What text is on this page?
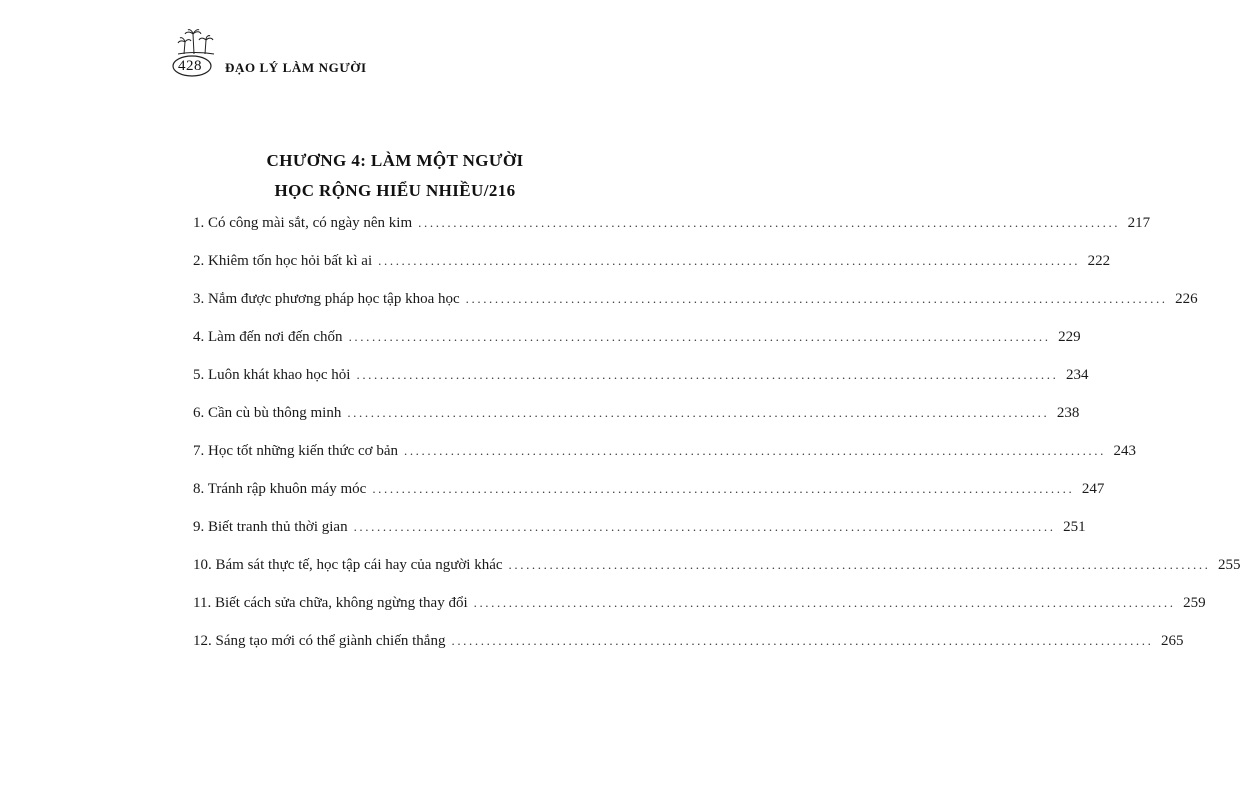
428 ĐẠO LÝ LÀM NGƯỜI
CHƯƠNG 4: LÀM MỘT NGƯỜI
HỌC RỘNG HIỂU NHIỀU/216
1. Có công mài sắt, có ngày nên kim ........................................................................................................................ 217
2. Khiêm tốn học hỏi bất kì ai ........................................................................................................................ 222
3. Nắm được phương pháp học tập khoa học ........................................................................................................................ 226
4. Làm đến nơi đến chốn ........................................................................................................................ 229
5. Luôn khát khao học hỏi ........................................................................................................................ 234
6. Cần cù bù thông minh ........................................................................................................................ 238
7. Học tốt những kiến thức cơ bản ........................................................................................................................ 243
8. Tránh rập khuôn máy móc ........................................................................................................................ 247
9. Biết tranh thủ thời gian ........................................................................................................................ 251
10. Bám sát thực tế, học tập cái hay của người khác ........................................................................................................................ 255
11. Biết cách sửa chữa, không ngừng thay đổi ........................................................................................................................ 259
12. Sáng tạo mới có thể giành chiến thắng ........................................................................................................................ 265
